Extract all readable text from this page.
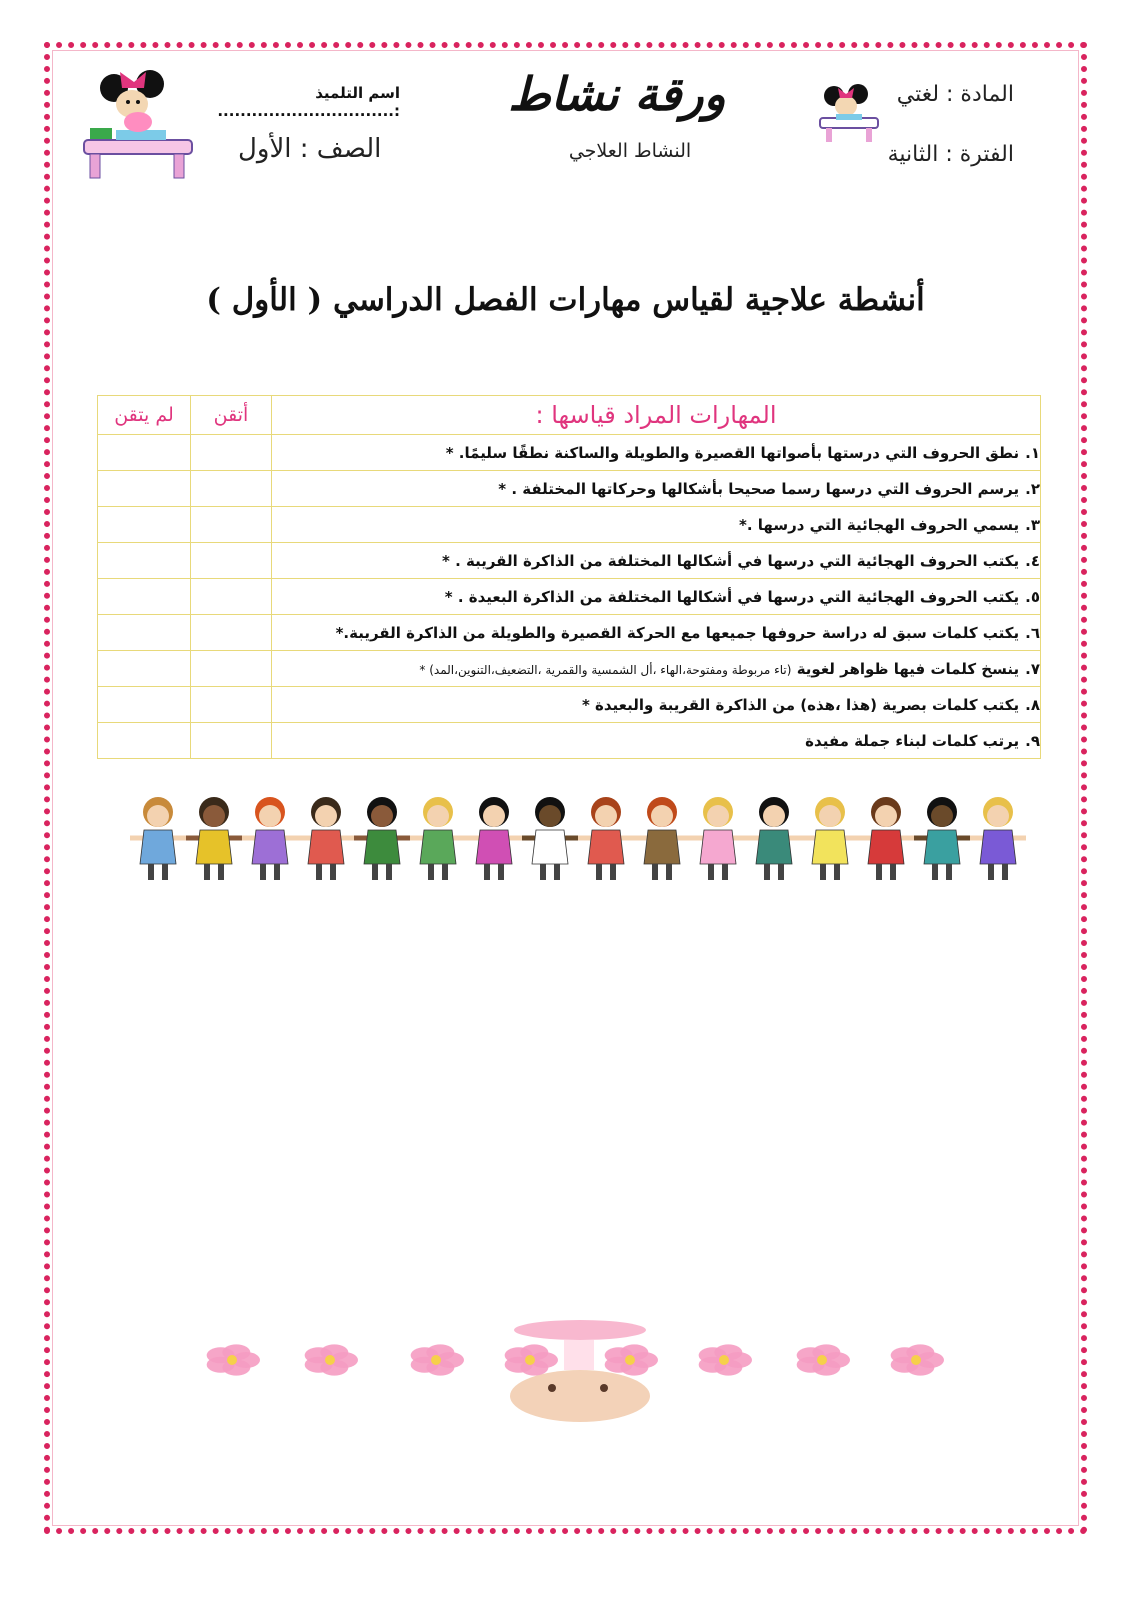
المادة : لغتي
الفترة : الثانية
ورقة نشاط
النشاط العلاجي
اسم التلميذ :...............................
الصف : الأول
أنشطة علاجية لقياس مهارات الفصل الدراسي ( الأول )
المهارات المراد قياسها :	أتقن	لم يتقن
١.نطق الحروف التي درستها بأصواتها القصيرة والطويلة والساكنة نطقًا سليمًا. *		
٢.يرسم الحروف التي درسها رسما صحيحا بأشكالها وحركاتها المختلفة . *		
٣.يسمي الحروف الهجائية التي درسها .*		
٤.يكتب الحروف الهجائية التي درسها في أشكالها المختلفة من الذاكرة القريبة . *		
٥.يكتب الحروف الهجائية التي درسها في أشكالها المختلفة من الذاكرة البعيدة . *		
٦.يكتب كلمات سبق له دراسة حروفها جميعها مع الحركة القصيرة والطويلة من الذاكرة القريبة.*		
٧.ينسخ كلمات فيها ظواهر لغوية (تاء مربوطة ومفتوحة،الهاء ،أل الشمسية والقمرية ،التضعيف،التنوين،المد) *		
٨.يكتب كلمات بصرية (هذا ،هذه) من الذاكرة القريبة والبعيدة *		
٩.يرتب كلمات لبناء جملة مفيدة		
